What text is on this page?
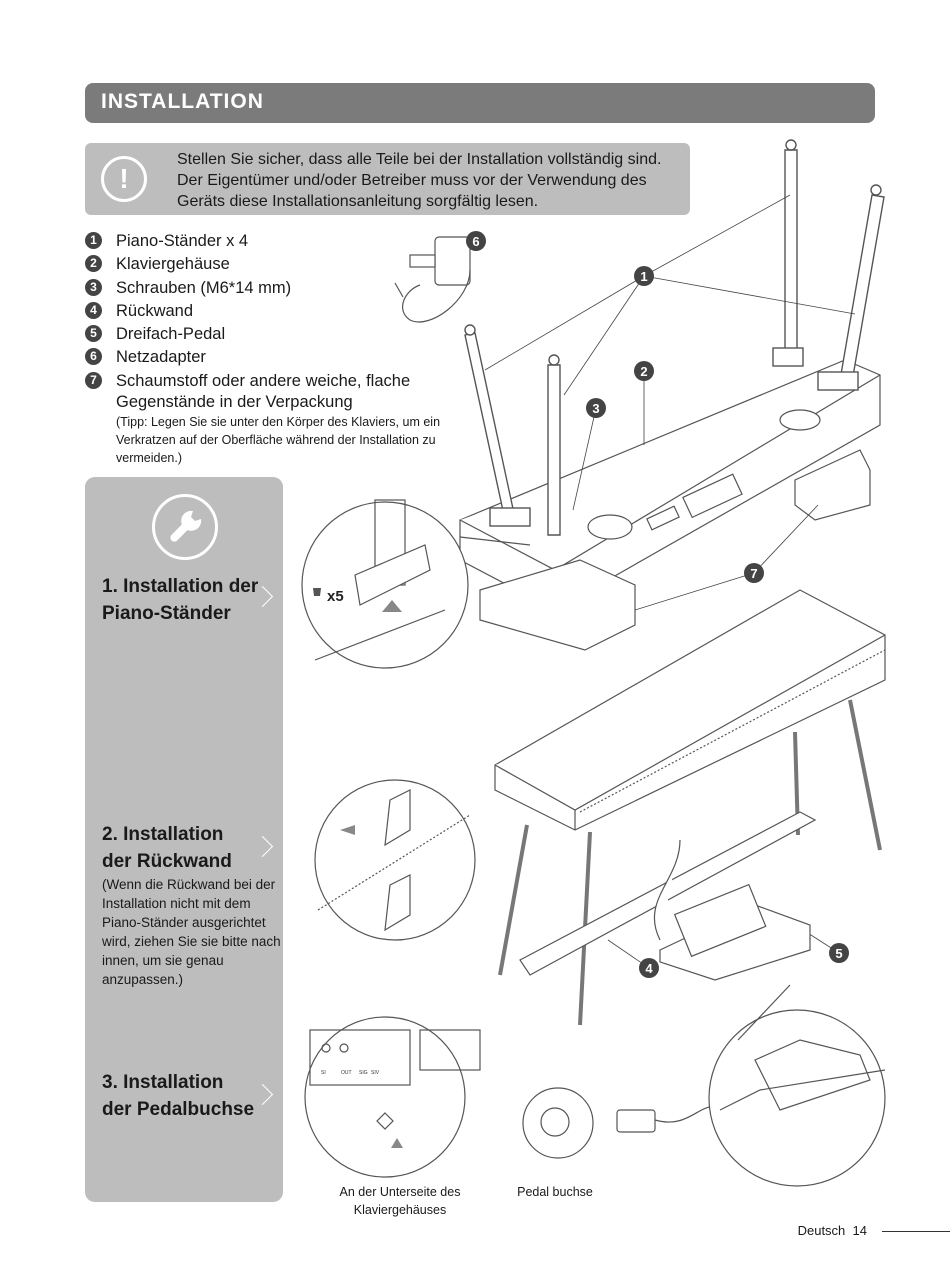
INSTALLATION
!
Stellen Sie sicher, dass alle Teile bei der Installation vollständig sind.
Der Eigentümer und/oder Betreiber muss vor der Verwendung des
Geräts diese Installationsanleitung sorgfältig lesen.
1	Piano-Ständer x 4
2	Klaviergehäuse
3	Schrauben (M6*14 mm)
4	Rückwand
5	Dreifach-Pedal
6	Netzadapter
7	Schaumstoff oder andere weiche, flache
Gegenstände in der Verpackung
(Tipp: Legen Sie sie unter den Körper des Klaviers, um ein Verkratzen auf der Oberfläche während der Installation zu vermeiden.)
1. Installation der
Piano-Ständer
2. Installation
der Rückwand
(Wenn die Rückwand bei der Installation nicht mit dem Piano-Ständer ausgerichtet wird, ziehen Sie sie bitte nach innen, um sie genau anzupassen.)
3. Installation
der Pedalbuchse
1
2
3
4
5
6
7
x5
SI	OUT SIG SIV
An der Unterseite des Klaviergehäuses
Pedal buchse
Deutsch 14
